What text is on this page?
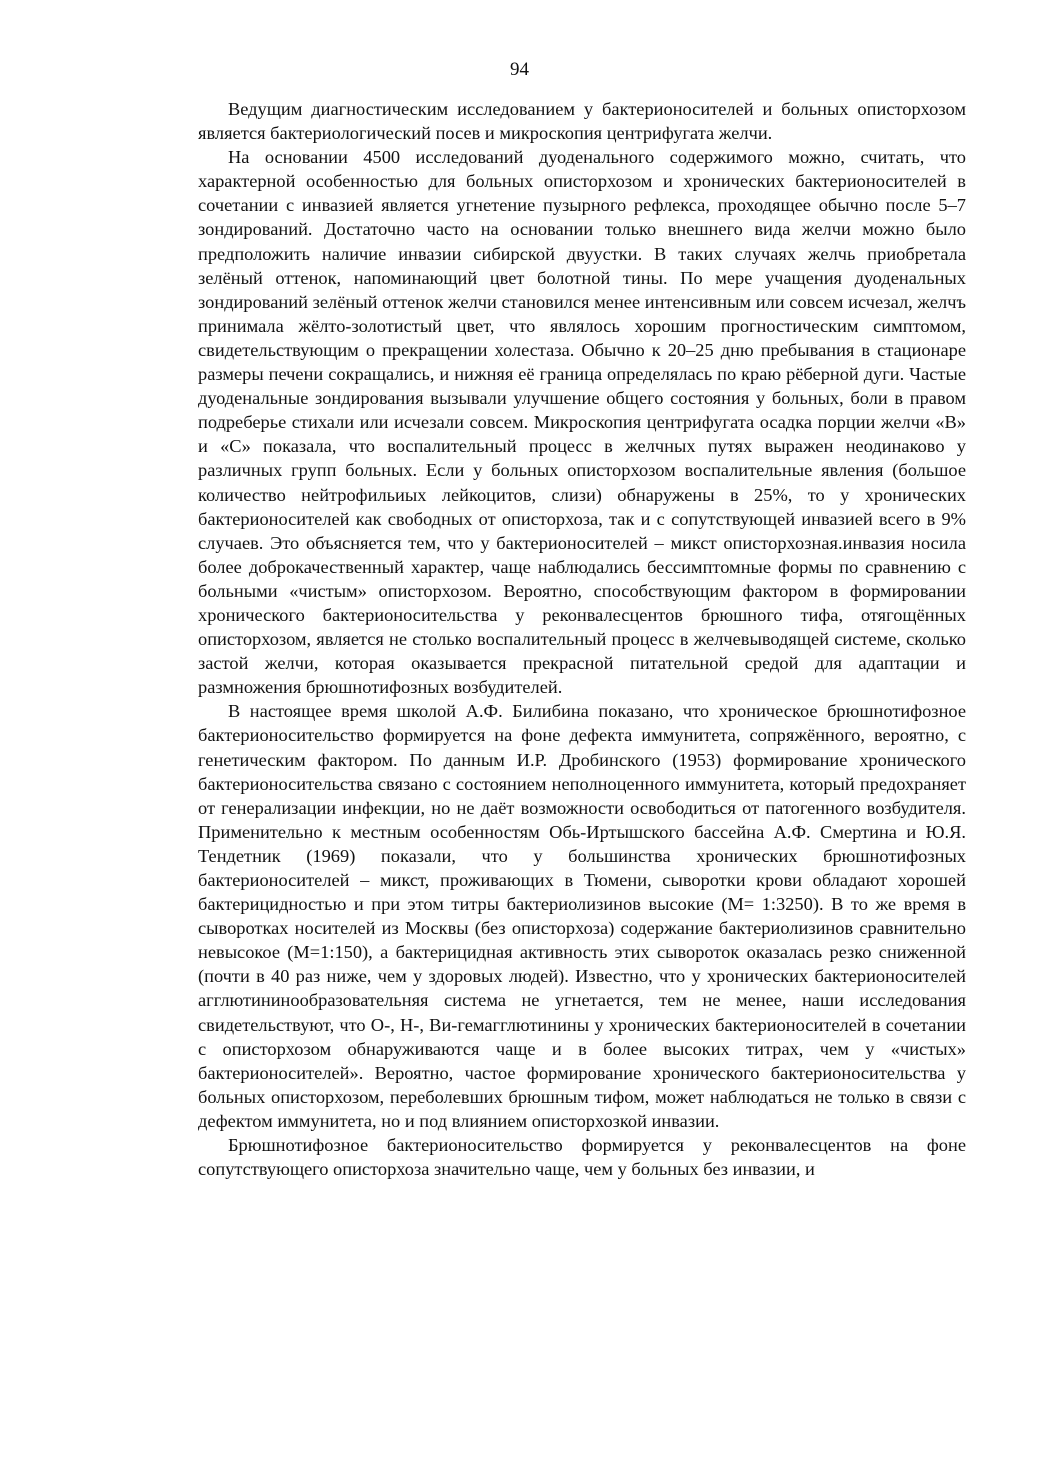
94

Ведущим диагностическим исследованием у бактерионосителей и больных описторхозом является бактериологический посев и микроскопия центрифугата желчи.

На основании 4500 исследований дуоденального содержимого можно, считать, что характерной особенностью для больных описторхозом и хронических бактерионосителей в сочетании с инвазией является угнетение пузырного рефлекса, проходящее обычно после 5–7 зондирований. Достаточно часто на основании только внешнего вида желчи можно было предположить наличие инвазии сибирской двуустки. В таких случаях желчь приобретала зелёный оттенок, напоминающий цвет болотной тины. По мере учащения дуоденальных зондирований зелёный оттенок желчи становился менее интенсивным или совсем исчезал, желчъ принимала жёлто-золотистый цвет, что являлось хорошим прогностическим симптомом, свидетельствующим о прекращении холестаза. Обычно к 20–25 дню пребывания в стационаре размеры печени сокращались, и нижняя её граница определялась по краю рёберной дуги. Частые дуоденальные зондирования вызывали улучшение общего состояния у больных, боли в правом подреберье стихали или исчезали совсем. Микроскопия центрифугата осадка порции желчи «В» и «С» показала, что воспалительный процесс в желчных путях выражен неодинаково у различных групп больных. Если у больных описторхозом воспалительные явления (большое количество нейтрофильиых лейкоцитов, слизи) обнаружены в 25%, то у хронических бактерионосителей как свободных от описторхоза, так и с сопутствующей инвазией всего в 9% случаев. Это объясняется тем, что у бактерионосителей – микст описторхозная.инвазия носила более доброкачественный характер, чаще наблюдались бессимптомные формы по сравнению с больными «чистым» описторхозом. Вероятно, способствующим фактором в формировании хронического бактерионосительства у реконвалесцентов брюшного тифа, отягощённых описторхозом, является не столько воспалительный процесс в желчевыводящей системе, сколько застой желчи, которая оказывается прекрасной питательной средой для адаптации и размножения брюшнотифозных возбудителей.

В настоящее время школой А.Ф. Билибина показано, что хроническое брюшнотифозное бактерионосительство формируется на фоне дефекта иммунитета, сопряжённого, вероятно, с генетическим фактором. По данным И.Р. Дробинского (1953) формирование хронического бактерионосительства связано с состоянием неполноценного иммунитета, который предохраняет от генерализации инфекции, но не даёт возможности освободиться от патогенного возбудителя. Применительно к местным особенностям Обь-Иртышского бассейна А.Ф. Смертина и Ю.Я. Тендетник (1969) показали, что у большинства хронических брюшнотифозных бактерионосителей – микст, проживающих в Тюмени, сыворотки крови обладают хорошей бактерицидностью и при этом титры бактериолизинов высокие (М= 1:3250). В то же время в сыворотках носителей из Москвы (без описторхоза) содержание бактериолизинов сравнительно невысокое (М=1:150), а бактерицидная активность этих сывороток оказалась резко сниженной (почти в 40 раз ниже, чем у здоровых людей). Известно, что у хронических бактерионосителей агглютининообразовательняя система не угнетается, тем не менее, наши исследования свидетельствуют, что О-, Н-, Ви-гемагглютинины у хронических бактерионосителей в сочетании с описторхозом обнаруживаются чаще и в более высоких титрах, чем у «чистых» бактерионосителей». Вероятно, частое формирование хронического бактерионосительства у больных описторхозом, переболевших брюшным тифом, может наблюдаться не только в связи с дефектом иммунитета, но и под влиянием описторхозкой инвазии.

Брюшнотифозное бактерионосительство формируется у реконвалесцентов на фоне сопутствующего описторхоза значительно чаще, чем у больных без инвазии, и
